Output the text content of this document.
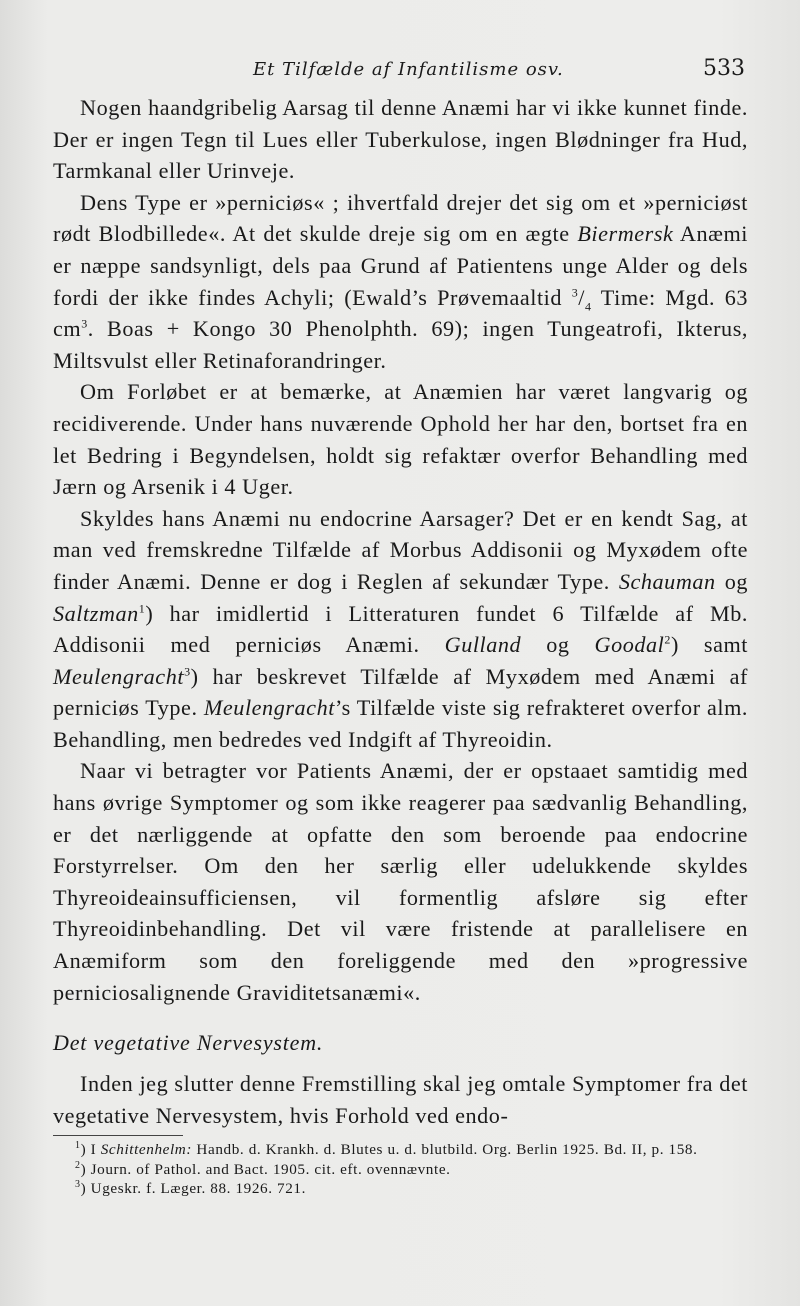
Et Tilfælde af Infantilisme osv.	533

Nogen haandgribelig Aarsag til denne Anæmi har vi ikke kunnet finde. Der er ingen Tegn til Lues eller Tuberkulose, ingen Blødninger fra Hud, Tarmkanal eller Urinveje.

Dens Type er »perniciøs« ; ihvertfald drejer det sig om et »perniciøst rødt Blodbillede«. At det skulde dreje sig om en ægte Biermersk Anæmi er næppe sandsynligt, dels paa Grund af Patientens unge Alder og dels fordi der ikke findes Achyli; (Ewald’s Prøvemaaltid $^3/_4$ Time: Mgd. 63 $cm^3$. Boas + Kongo 30 Phenolphth. 69); ingen Tungeatrofi, Ikterus, Miltsvulst eller Retinaforandringer.

Om Forløbet er at bemærke, at Anæmien har været langvarig og recidiverende. Under hans nuværende Ophold her har den, bortset fra en let Bedring i Begyndelsen, holdt sig refaktær overfor Behandling med Jærn og Arsenik i 4 Uger.

Skyldes hans Anæmi nu endocrine Aarsager? Det er en kendt Sag, at man ved fremskredne Tilfælde af Morbus Addisonii og Myxødem ofte finder Anæmi. Denne er dog i Reglen af sekundær Type. Schauman og Saltzman$^1$) har imidlertid i Litteraturen fundet 6 Tilfælde af Mb. Addisonii med perniciøs Anæmi. Gulland og Goodal$^2$) samt Meulengracht$^3$) har beskrevet Tilfælde af Myxødem med Anæmi af perniciøs Type. Meulengracht’s Tilfælde viste sig refrakteret overfor alm. Behandling, men bedredes ved Indgift af Thyreoidin.

Naar vi betragter vor Patients Anæmi, der er opstaaet samtidig med hans øvrige Symptomer og som ikke reagerer paa sædvanlig Behandling, er det nærliggende at opfatte den som beroende paa endocrine Forstyrrelser. Om den her særlig eller udelukkende skyldes Thyreoideainsufficiensen, vil formentlig afsløre sig efter Thyreoidinbehandling. Det vil være fristende at parallelisere en Anæmiform som den foreliggende med den »progressive perniciosalignende Graviditetsanæmi«.

Det vegetative Nervesystem.

Inden jeg slutter denne Fremstilling skal jeg omtale Symptomer fra det vegetative Nervesystem, hvis Forhold ved endo-

$^1$) I Schittenhelm: Handb. d. Krankh. d. Blutes u. d. blutbild. Org. Berlin 1925. Bd. II, p. 158.

$^2$) Journ. of Pathol. and Bact. 1905. cit. eft. ovennævnte.

$^3$) Ugeskr. f. Læger. 88. 1926. 721.
